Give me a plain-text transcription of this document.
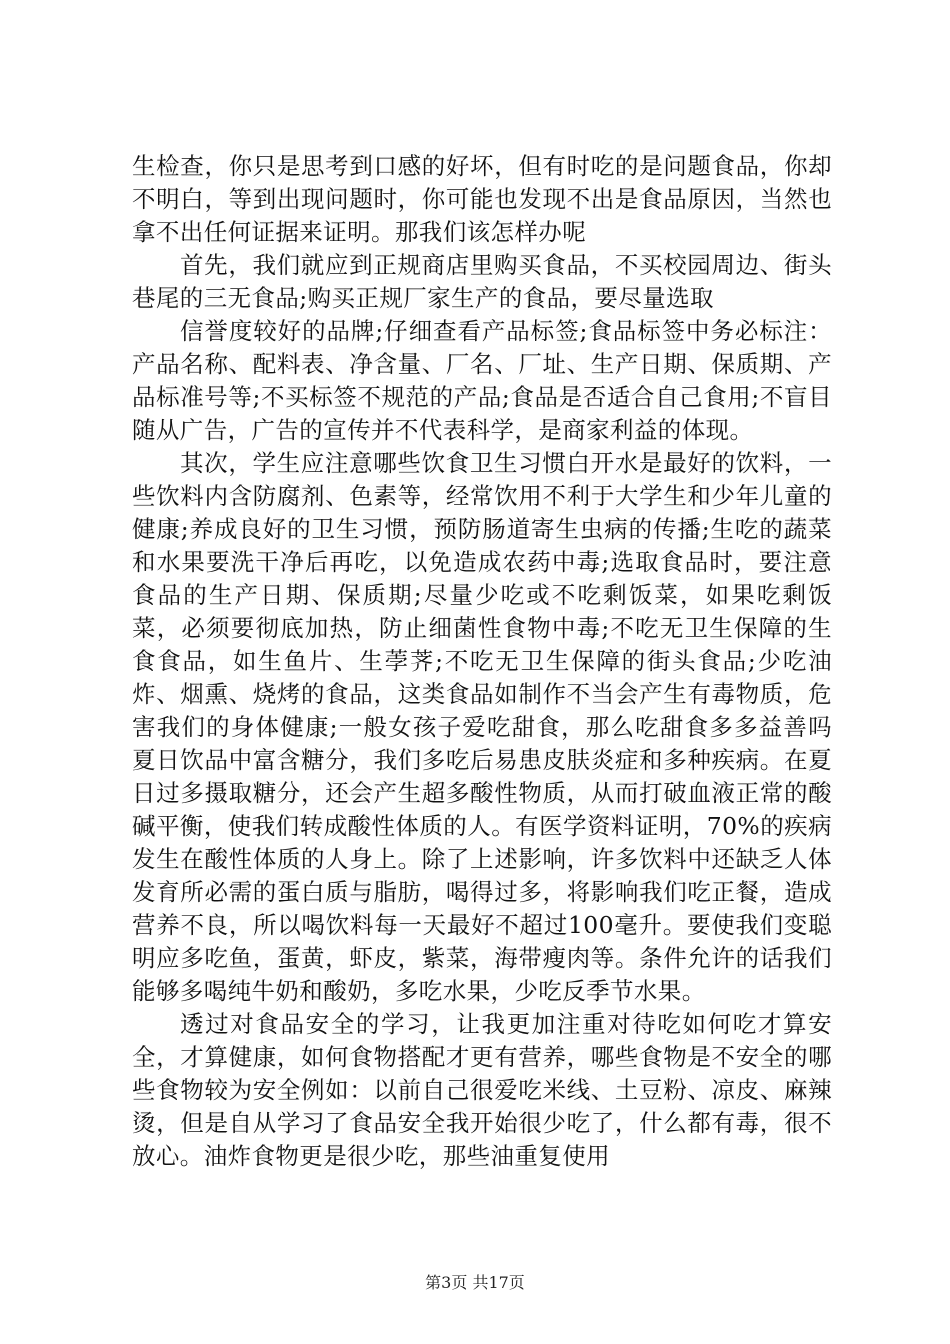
生检查，你只是思考到口感的好坏，但有时吃的是问题食品，你却不明白，等到出现问题时，你可能也发现不出是食品原因，当然也拿不出任何证据来证明。那我们该怎样办呢

首先，我们就应到正规商店里购买食品，不买校园周边、街头巷尾的三无食品;购买正规厂家生产的食品，要尽量选取

信誉度较好的品牌;仔细查看产品标签;食品标签中务必标注：产品名称、配料表、净含量、厂名、厂址、生产日期、保质期、产品标准号等;不买标签不规范的产品;食品是否适合自己食用;不盲目随从广告，广告的宣传并不代表科学，是商家利益的体现。

其次，学生应注意哪些饮食卫生习惯白开水是最好的饮料，一些饮料内含防腐剂、色素等，经常饮用不利于大学生和少年儿童的健康;养成良好的卫生习惯，预防肠道寄生虫病的传播;生吃的蔬菜和水果要洗干净后再吃，以免造成农药中毒;选取食品时，要注意食品的生产日期、保质期;尽量少吃或不吃剩饭菜，如果吃剩饭菜，必须要彻底加热，防止细菌性食物中毒;不吃无卫生保障的生食食品，如生鱼片、生荸荠;不吃无卫生保障的街头食品;少吃油炸、烟熏、烧烤的食品，这类食品如制作不当会产生有毒物质，危害我们的身体健康;一般女孩子爱吃甜食，那么吃甜食多多益善吗夏日饮品中富含糖分，我们多吃后易患皮肤炎症和多种疾病。在夏日过多摄取糖分，还会产生超多酸性物质，从而打破血液正常的酸碱平衡，使我们转成酸性体质的人。有医学资料证明，70%的疾病发生在酸性体质的人身上。除了上述影响，许多饮料中还缺乏人体发育所必需的蛋白质与脂肪，喝得过多，将影响我们吃正餐，造成营养不良，所以喝饮料每一天最好不超过100毫升。要使我们变聪明应多吃鱼，蛋黄，虾皮，紫菜，海带瘦肉等。条件允许的话我们能够多喝纯牛奶和酸奶，多吃水果，少吃反季节水果。

透过对食品安全的学习，让我更加注重对待吃如何吃才算安全，才算健康，如何食物搭配才更有营养，哪些食物是不安全的哪些食物较为安全例如：以前自己很爱吃米线、土豆粉、凉皮、麻辣烫，但是自从学习了食品安全我开始很少吃了，什么都有毒，很不放心。油炸食物更是很少吃，那些油重复使用

第3页 共17页
